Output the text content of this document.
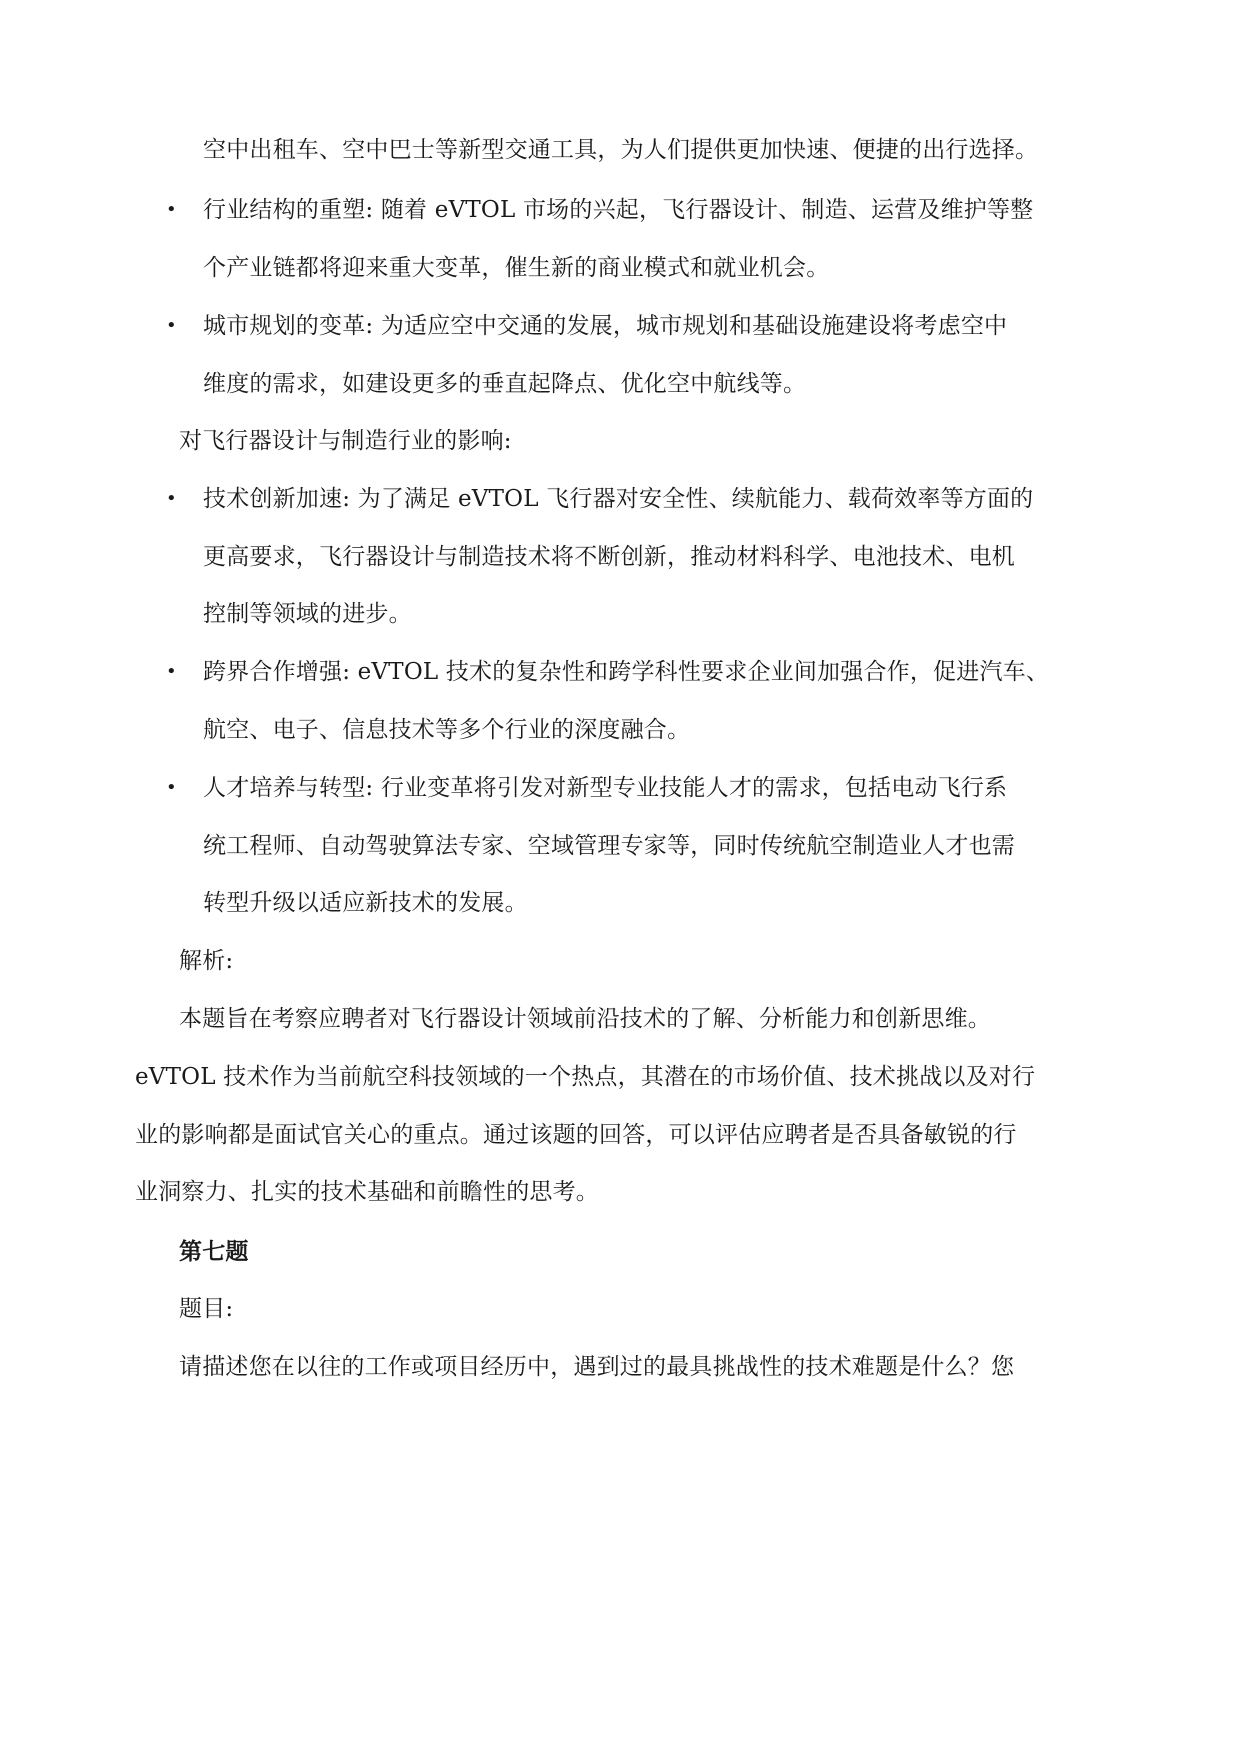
空中出租车、空中巴士等新型交通工具，为人们提供更加快速、便捷的出行选择。
• 行业结构的重塑: 随着 eVTOL 市场的兴起，飞行器设计、制造、运营及维护等整
个产业链都将迎来重大变革，催生新的商业模式和就业机会。
• 城市规划的变革: 为适应空中交通的发展，城市规划和基础设施建设将考虑空中
维度的需求，如建设更多的垂直起降点、优化空中航线等。
对飞行器设计与制造行业的影响:
• 技术创新加速: 为了满足 eVTOL 飞行器对安全性、续航能力、载荷效率等方面的
更高要求，飞行器设计与制造技术将不断创新，推动材料科学、电池技术、电机
控制等领域的进步。
• 跨界合作增强: eVTOL 技术的复杂性和跨学科性要求企业间加强合作，促进汽车、
航空、电子、信息技术等多个行业的深度融合。
• 人才培养与转型: 行业变革将引发对新型专业技能人才的需求，包括电动飞行系
统工程师、自动驾驶算法专家、空域管理专家等，同时传统航空制造业人才也需
转型升级以适应新技术的发展。
解析:
本题旨在考察应聘者对飞行器设计领域前沿技术的了解、分析能力和创新思维。
eVTOL 技术作为当前航空科技领域的一个热点，其潜在的市场价值、技术挑战以及对行
业的影响都是面试官关心的重点。通过该题的回答，可以评估应聘者是否具备敏锐的行
业洞察力、扎实的技术基础和前瞻性的思考。
第七题
题目:
请描述您在以往的工作或项目经历中，遇到过的最具挑战性的技术难题是什么？您
